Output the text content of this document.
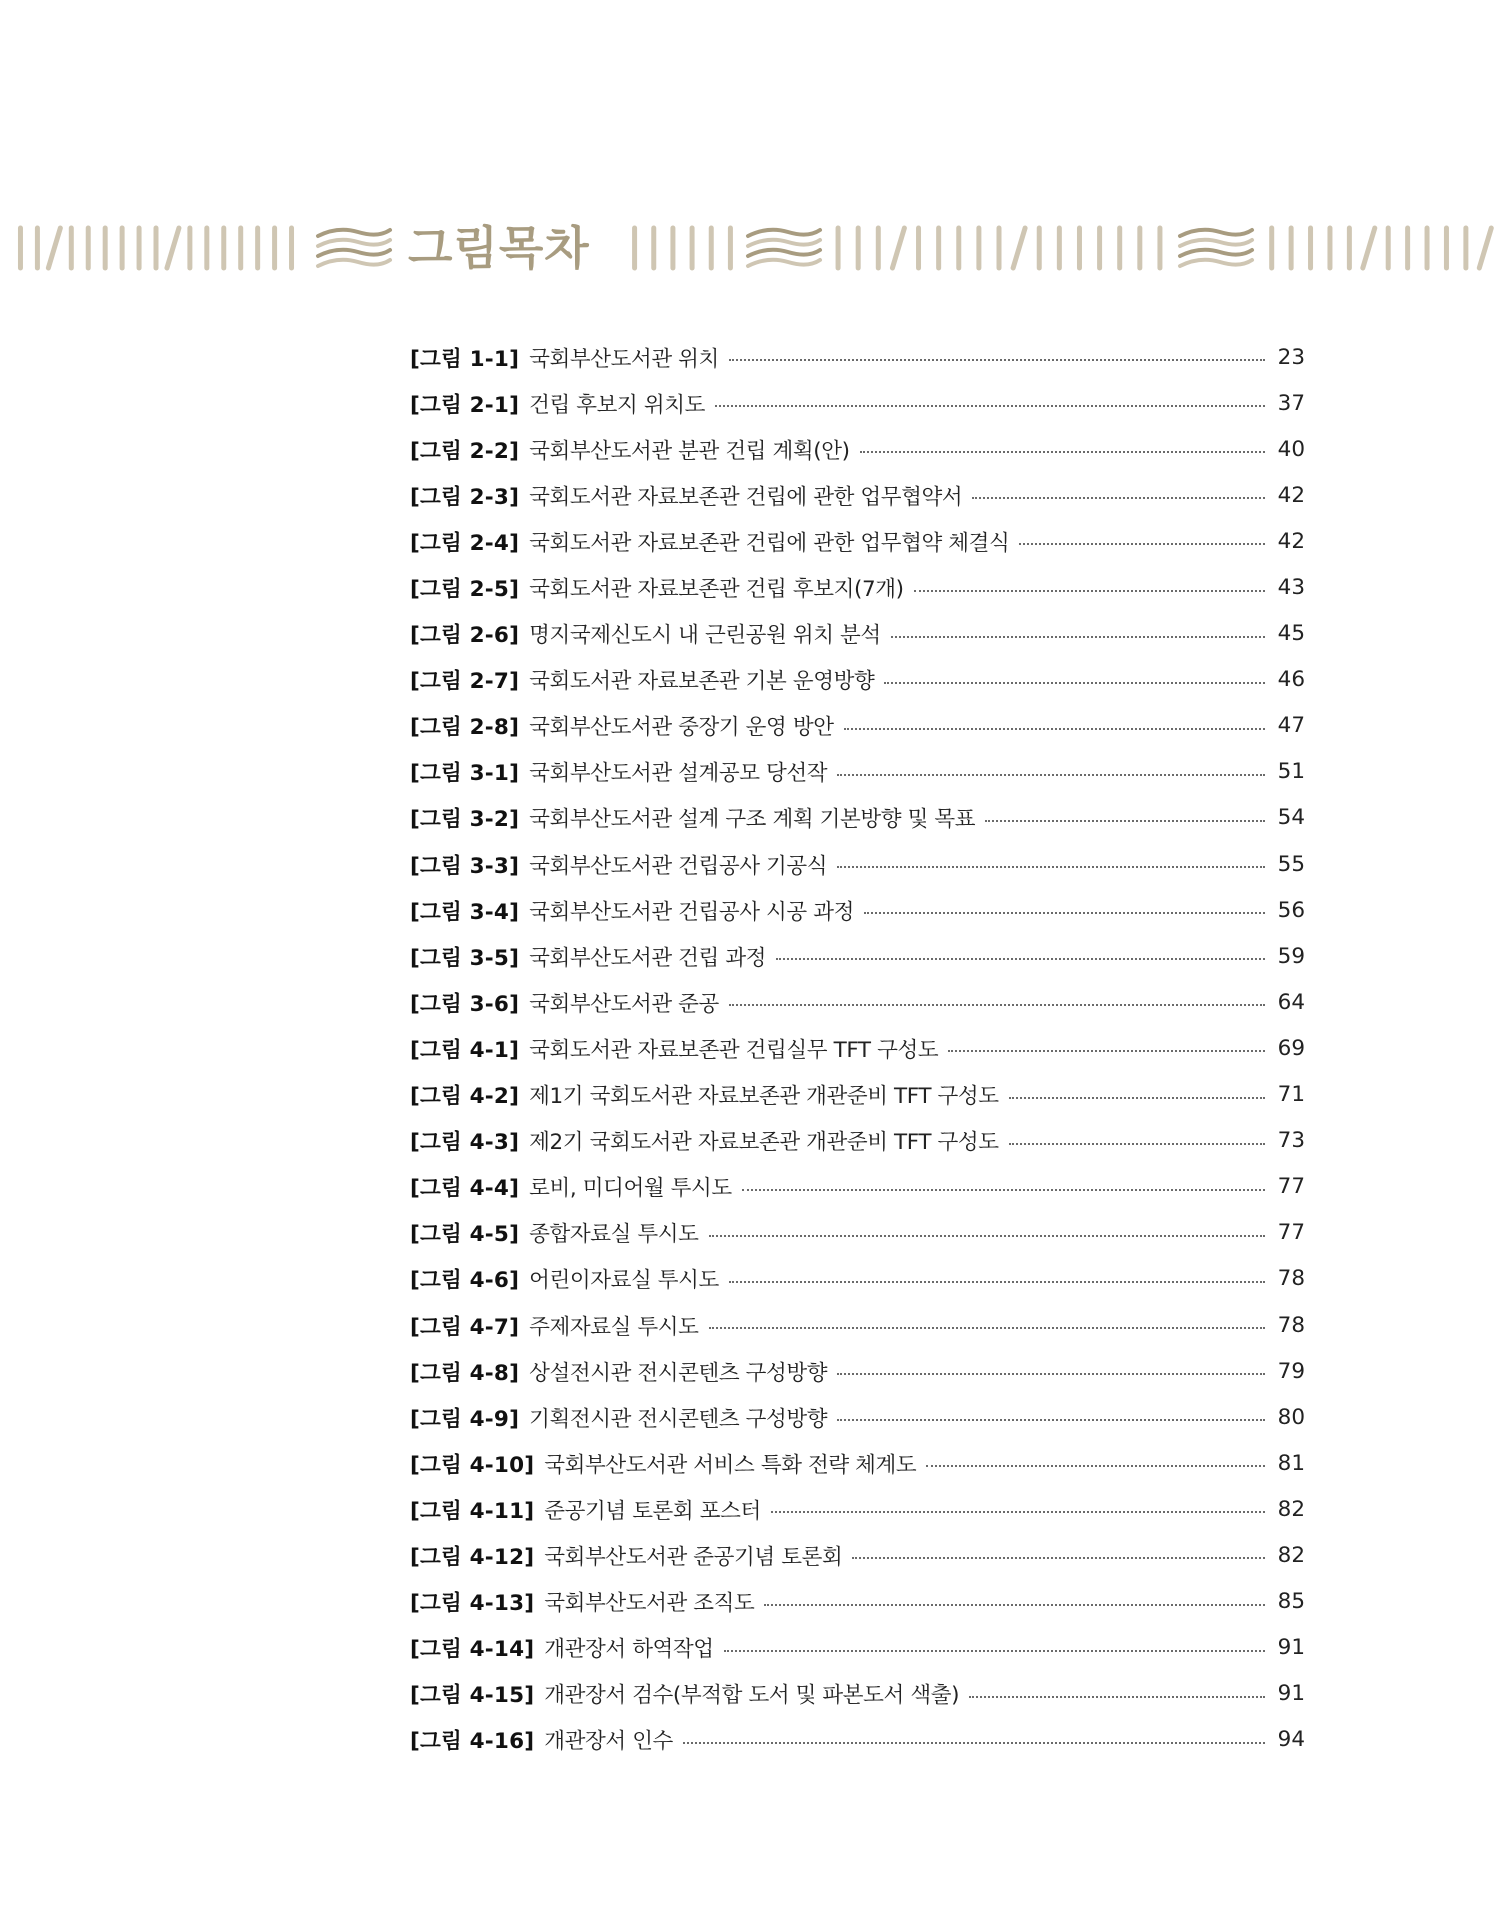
그림목차
[그림 1-1] 국회부산도서관 위치	23
[그림 2-1] 건립 후보지 위치도	37
[그림 2-2] 국회부산도서관 분관 건립 계획(안)	40
[그림 2-3] 국회도서관 자료보존관 건립에 관한 업무협약서	42
[그림 2-4] 국회도서관 자료보존관 건립에 관한 업무협약 체결식	42
[그림 2-5] 국회도서관 자료보존관 건립 후보지(7개)	43
[그림 2-6] 명지국제신도시 내 근린공원 위치 분석	45
[그림 2-7] 국회도서관 자료보존관 기본 운영방향	46
[그림 2-8] 국회부산도서관 중장기 운영 방안	47
[그림 3-1] 국회부산도서관 설계공모 당선작	51
[그림 3-2] 국회부산도서관 설계 구조 계획 기본방향 및 목표	54
[그림 3-3] 국회부산도서관 건립공사 기공식	55
[그림 3-4] 국회부산도서관 건립공사 시공 과정	56
[그림 3-5] 국회부산도서관 건립 과정	59
[그림 3-6] 국회부산도서관 준공	64
[그림 4-1] 국회도서관 자료보존관 건립실무 TFT 구성도	69
[그림 4-2] 제1기 국회도서관 자료보존관 개관준비 TFT 구성도	71
[그림 4-3] 제2기 국회도서관 자료보존관 개관준비 TFT 구성도	73
[그림 4-4] 로비, 미디어월 투시도	77
[그림 4-5] 종합자료실 투시도	77
[그림 4-6] 어린이자료실 투시도	78
[그림 4-7] 주제자료실 투시도	78
[그림 4-8] 상설전시관 전시콘텐츠 구성방향	79
[그림 4-9] 기획전시관 전시콘텐츠 구성방향	80
[그림 4-10] 국회부산도서관 서비스 특화 전략 체계도	81
[그림 4-11] 준공기념 토론회 포스터	82
[그림 4-12] 국회부산도서관 준공기념 토론회	82
[그림 4-13] 국회부산도서관 조직도	85
[그림 4-14] 개관장서 하역작업	91
[그림 4-15] 개관장서 검수(부적합 도서 및 파본도서 색출)	91
[그림 4-16] 개관장서 인수	94
